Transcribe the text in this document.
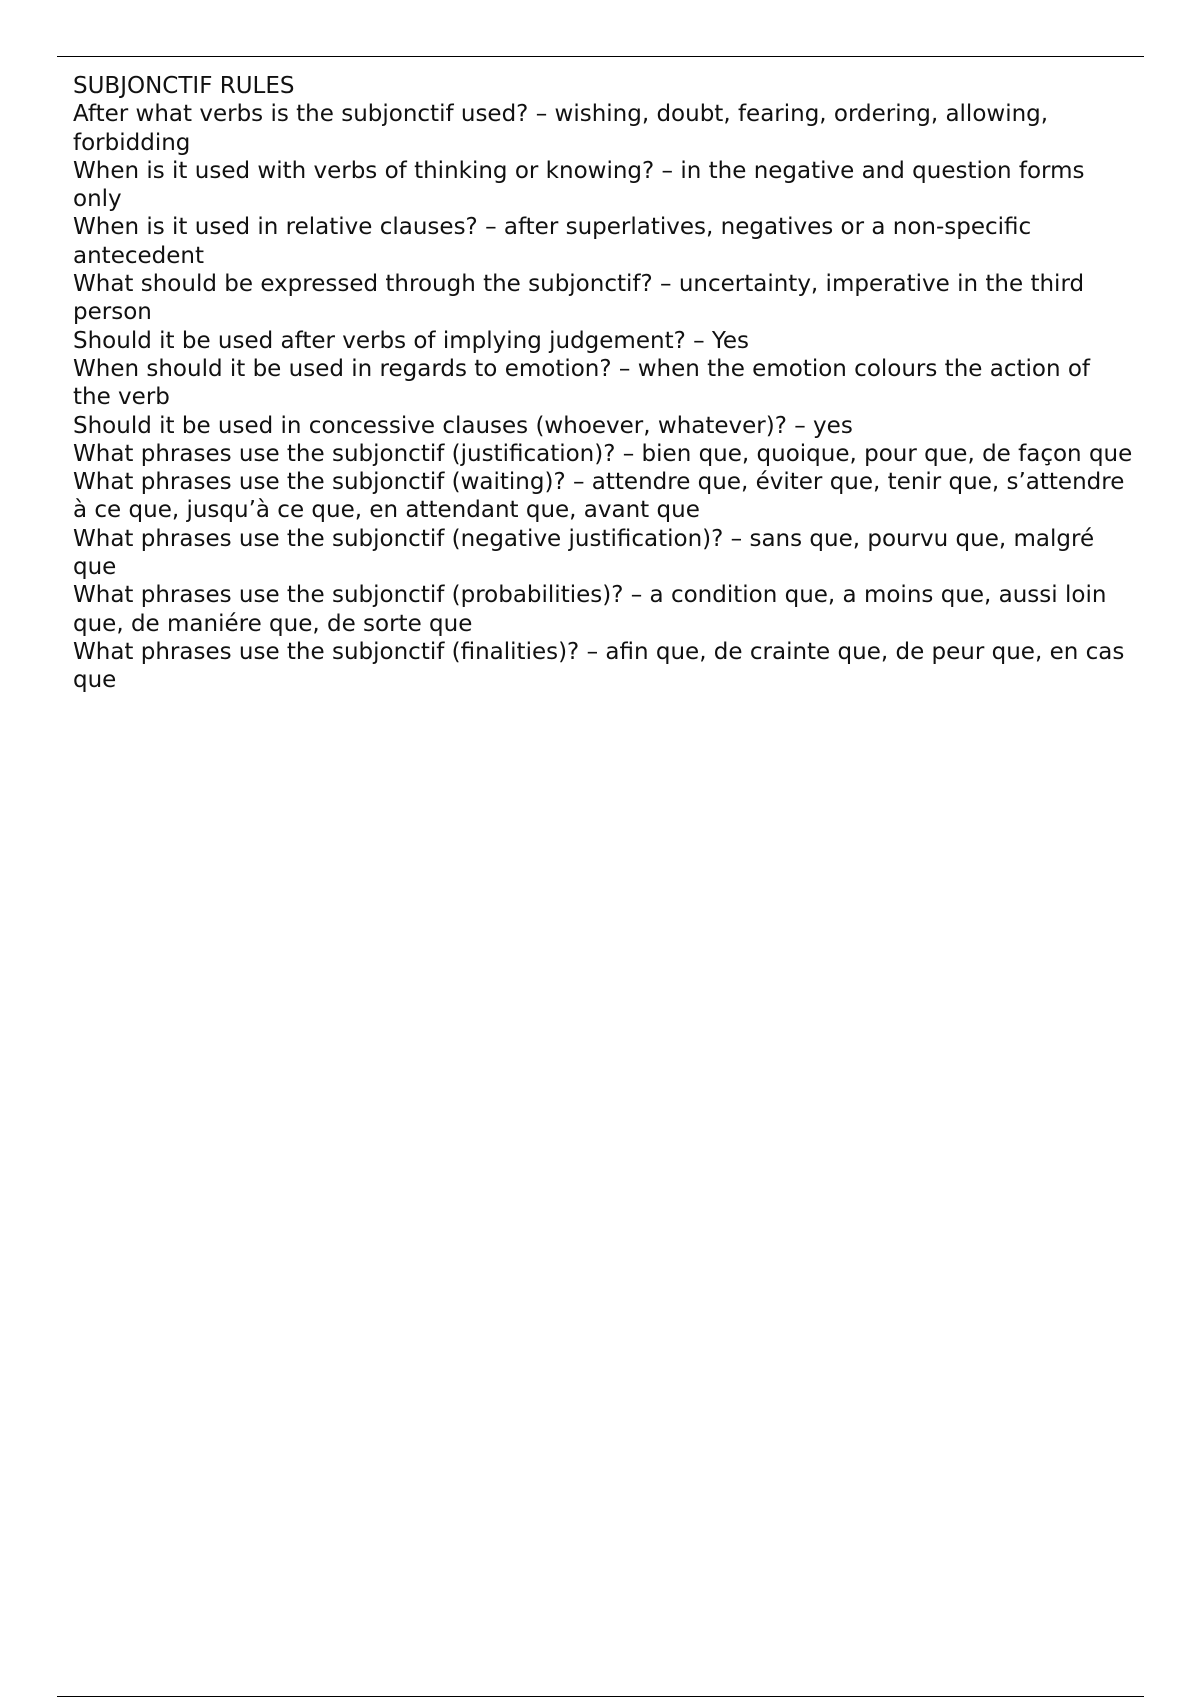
SUBJONCTIF RULES

After what verbs is the subjonctif used? – wishing, doubt, fearing, ordering, allowing, forbidding

When is it used with verbs of thinking or knowing? – in the negative and question forms only

When is it used in relative clauses? – after superlatives, negatives or a non-specific antecedent

What should be expressed through the subjonctif? – uncertainty, imperative in the third person

Should it be used after verbs of implying judgement? – Yes

When should it be used in regards to emotion? – when the emotion colours the action of the verb

Should it be used in concessive clauses (whoever, whatever)? – yes

What phrases use the subjonctif (justification)? – bien que, quoique, pour que, de façon que

What phrases use the subjonctif (waiting)? – attendre que, éviter que, tenir que, s’attendre à ce que, jusqu’à ce que, en attendant que, avant que

What phrases use the subjonctif (negative justification)? – sans que, pourvu que, malgré que

What phrases use the subjonctif (probabilities)? – a condition que, a moins que, aussi loin que, de maniére que, de sorte que

What phrases use the subjonctif (finalities)? – afin que, de crainte que, de peur que, en cas que
